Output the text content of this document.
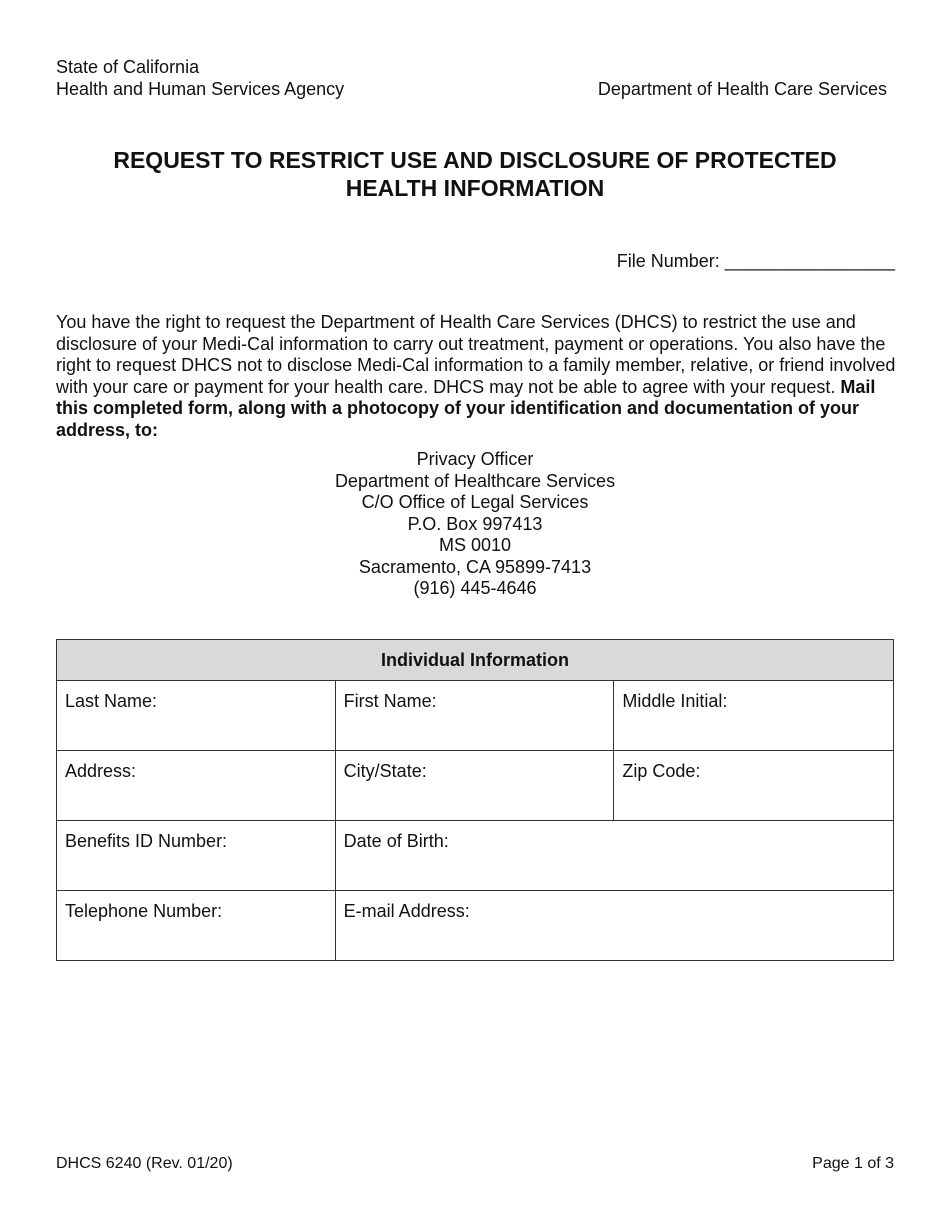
State of California
Health and Human Services Agency	Department of Health Care Services
REQUEST TO RESTRICT USE AND DISCLOSURE OF PROTECTED
HEALTH INFORMATION
File Number: _________________

You have the right to request the Department of Health Care Services (DHCS) to restrict the use and disclosure of your Medi-Cal information to carry out treatment, payment or operations. You also have the right to request DHCS not to disclose Medi-Cal information to a family member, relative, or friend involved with your care or payment for your health care. DHCS may not be able to agree with your request. Mail this completed form, along with a photocopy of your identification and documentation of your address, to:

Privacy Officer
Department of Healthcare Services
C/O Office of Legal Services
P.O. Box 997413
MS 0010
Sacramento, CA 95899-7413
(916) 445-4646
Individual Information		
Last Name:	First Name:	Middle Initial:
Address:	City/State:	Zip Code:
Benefits ID Number:	Date of Birth:	
Telephone Number:	E-mail Address:	
DHCS 6240 (Rev. 01/20)	Page 1 of 3
